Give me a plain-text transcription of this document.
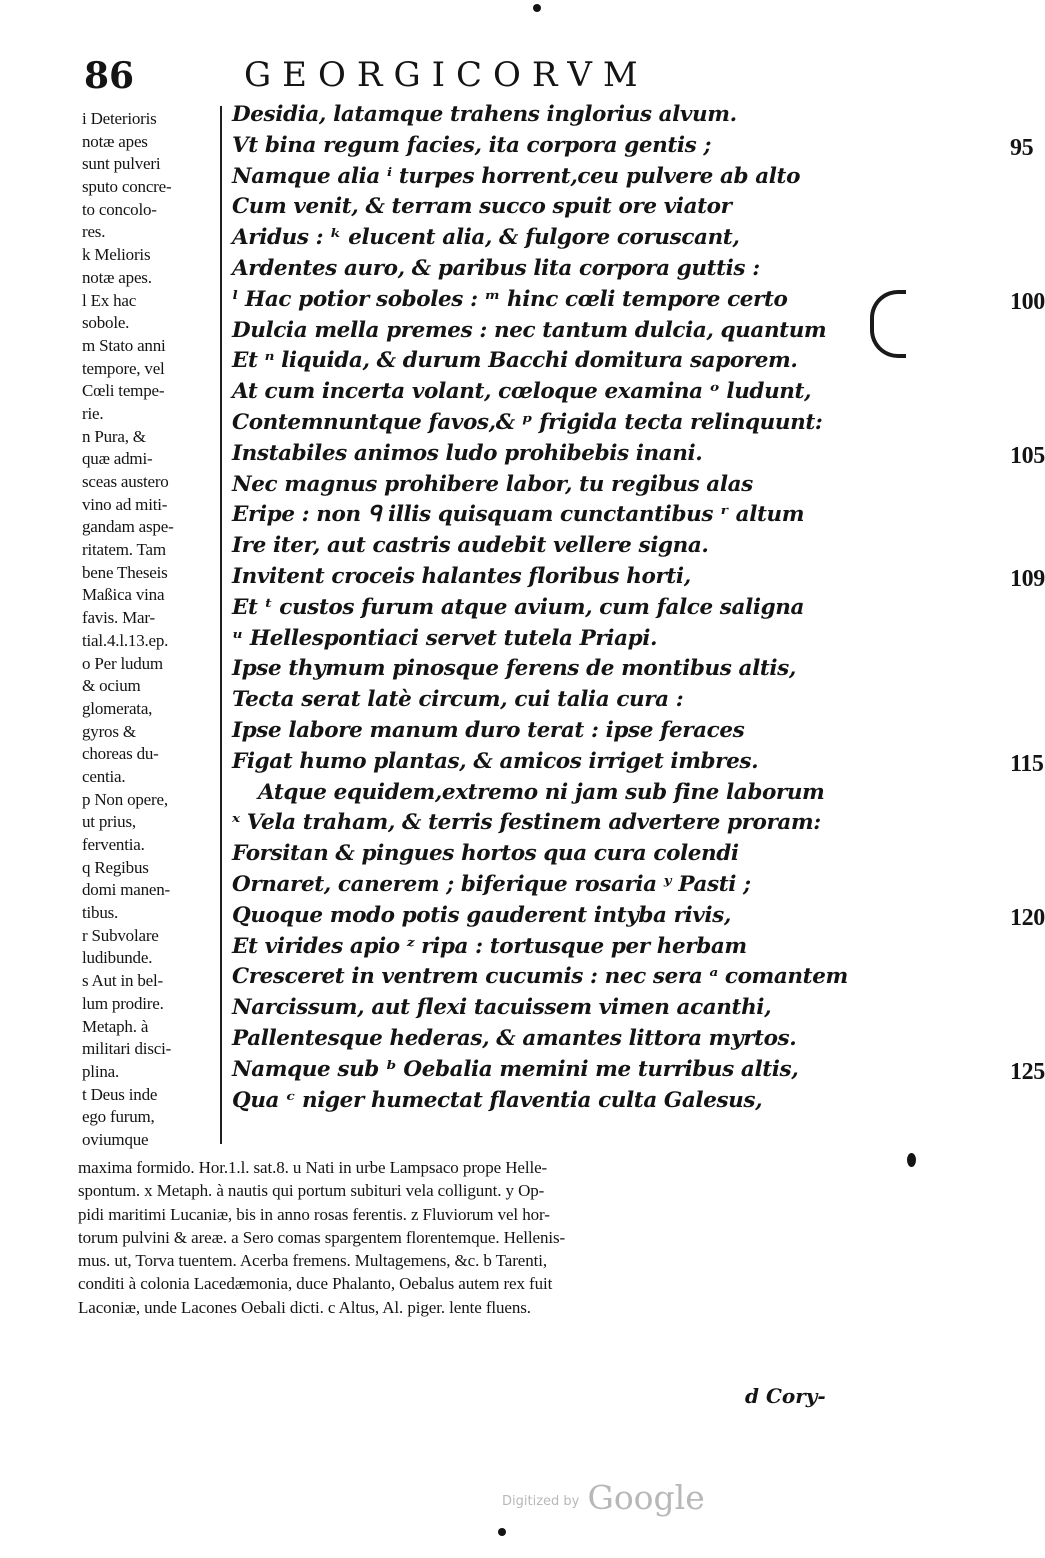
86	GEORGICORVM
i Deterioris
notæ apes
sunt pulveri
sputo concre-
to concolo-
res.
k Melioris
notæ apes.
l Ex hac
sobole.
m Stato anni
tempore, vel
Cœli tempe-
rie.
n Pura, &
quæ admi-
sceas austero
vino ad miti-
gandam aspe-
ritatem. Tam
bene Theseis
Maßica vina
favis. Mar-
tial.4.l.13.ep.
o Per ludum
& ocium
glomerata,
gyros &
choreas du-
centia.
p Non opere,
ut prius,
ferventia.
q Regibus
domi manen-
tibus.
r Subvolare
ludibunde.
s Aut in bel-
lum prodire.
Metaph. à
militari disci-
plina.
t Deus inde
ego furum,
oviumque
Desidia, latamque trahens inglorius alvum.
Vt bina regum facies, ita corpora gentis ;	95
Namque alia ⁱ turpes horrent,ceu pulvere ab alto
Cum venit, & terram succo spuit ore viator
Aridus : ᵏ elucent alia, & fulgore coruscant,
Ardentes auro, & paribus lita corpora guttis :
ˡ Hac potior soboles : ᵐ hinc cœli tempore certo	100
Dulcia mella premes : nec tantum dulcia, quantum
Et ⁿ liquida, & durum Bacchi domitura saporem.
At cum incerta volant, cœloque examina ᵒ ludunt,
Contemnuntque favos,& ᵖ frigida tecta relinquunt:
Instabiles animos ludo prohibebis inani.	105
Nec magnus prohibere labor, tu regibus alas
Eripe : non ᑫ illis quisquam cunctantibus ʳ altum
Ire iter, aut castris audebit vellere signa.
Invitent croceis halantes floribus horti,	109
Et ᵗ custos furum atque avium, cum falce saligna
ᵘ Hellespontiaci servet tutela Priapi.
Ipse thymum pinosque ferens de montibus altis,
Tecta serat latè circum, cui talia cura :
Ipse labore manum duro terat : ipse feraces
Figat humo plantas, & amicos irriget imbres.	115
Atque equidem,extremo ni jam sub fine laborum
ˣ Vela traham, & terris festinem advertere proram:
Forsitan & pingues hortos qua cura colendi
Ornaret, canerem ; biferique rosaria ʸ Pasti ;
Quoque modo potis gauderent intyba rivis,	120
Et virides apio ᶻ ripa : tortusque per herbam
Cresceret in ventrem cucumis : nec sera ᵃ comantem
Narcissum, aut flexi tacuissem vimen acanthi,
Pallentesque hederas, & amantes littora myrtos.
Namque sub ᵇ Oebalia memini me turribus altis,	125
Qua ᶜ niger humectat flaventia culta Galesus,
maxima formido. Hor.1.l. sat.8. u Nati in urbe Lampsaco prope Helle-
spontum. x Metaph. à nautis qui portum subituri vela colligunt. y Op-
pidi maritimi Lucaniæ, bis in anno rosas ferentis. z Fluviorum vel hor-
torum pulvini & areæ. a Sero comas spargentem florentemque. Hellenis-
mus. ut, Torva tuentem. Acerba fremens. Multagemens, &c. b Tarenti,
conditi à colonia Lacedæmonia, duce Phalanto, Oebalus autem rex fuit
Laconiæ, unde Lacones Oebali dicti. c Altus, Al. piger. lente fluens.
d Cory-
Digitized by Google
